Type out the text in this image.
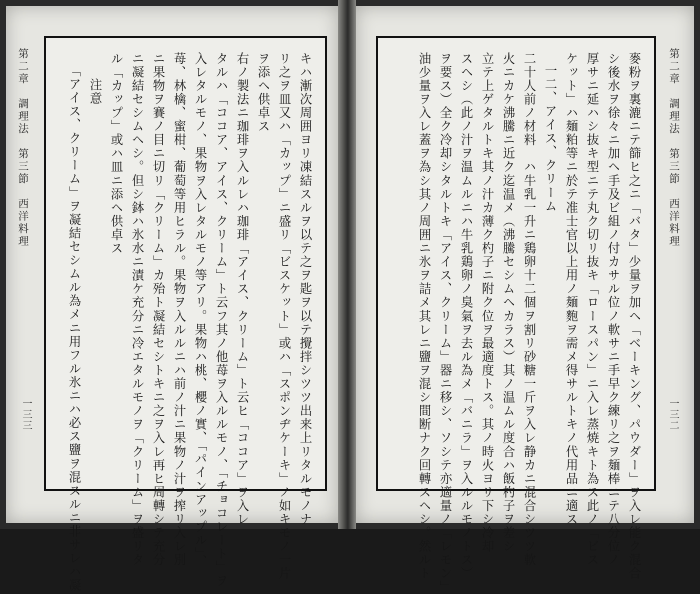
第二章　調理法　第三節　西洋料理	キハ漸次周囲ヨリ凍結スルヲ以テ之ヲ匙ヲ以テ攪拌シツツ出来上リタルモノナ
リ之ヲ皿又ハ「カップ」ニ盛リ「ビスケット」或ハ「スポンヂケーキ」ノ如キモノ一片
ヲ添ヘ供卓ス
右ノ製法ニ珈琲ヲ入ルレハ珈琲「アイス、クリーム」ト云ヒ「ココア」ヲ入レ
タルハ「ココア、アイス、クリーム」ト云フ其ノ他苺ヲ入ルルモノ、「チョコレート」ヲ
入レタルモノ、果物ヲ入レタルモノ等アリ。果物ハ桃、櫻ノ實、「パインアップル」、
苺、林檎、蜜柑、葡萄等用ヒラル。果物ヲ入ルルニハ前ノ汁ニ果物ノ汁ヲ搾リ入レ別
ニ果物ヲ賽ノ目ニ切リ「クリーム」カ殆ト凝結セシトキニ之ヲ入レ再ヒ周轉シテ充分
ニ凝結セシムヘシ。但シ鉢ハ氷水ニ漬ケ充分ニ冷エタルモノヲ「クリーム」ヲ盛リタ
ル「カップ」或ハ皿ニ添ヘ供卓ス
注意
「アイス、クリーム」ヲ凝結セシムル為メニ用フル氷ニハ必ス鹽ヲ混スルニ非サレハ凝
一三三
第二章　調理法　第三節　西洋料理
麥粉ヲ裏漉ニテ篩ヒ之ニ「バタ」少量ヲ加ヘ「ベーキング、パウダー」ヲ入レ能ク混合
シ後水ヲ徐々ニ加ヘ手及ビ組ノ付カサル位ノ軟サニ手早ク練リ之ヲ麺棒ニテ八分位ノ
厚サニ延ハシ抜キ型ニテ丸ク切リ抜キ「ロースパン」ニ入レ蒸焼キト為ス此ノ「ビス
ケット」ハ麺粕等ニ於テ准士官以上用ノ麺麭ヲ需メ得サルトキノ代用品ニ適ス
一二、アイス、クリーム
二十人前ノ材料　ハ牛乳一升ニ鶏卵十二個ヲ割リ砂糖一斤ヲ入レ静カニ混合シツツ軟
火ニカケ沸騰ニ近ク迄温メ（沸騰セシムヘカラス）其ノ温ムル度合ハ飯杓子ヲ差シ
立テ上ゲタルトキ其ノ汁カ薄ク杓子ニ附ク位ヲ最適度トス。其ノ時火ヨリ下シ冷却
スヘシ（此ノ汁ヲ温ムルニハ牛乳鶏卵ノ臭氣ヲ去ル為メ「バニラ」ヲ入ルルモノトス）
ヲ要ス）全ク冷却シタルトキ「アイス、クリーム」器ニ移シ、ソシテ亦適量ノ「レモン」
油少量ヲ入レ蓋ヲ為シ其ノ周囲ニ氷ヲ詰メ其レニ鹽ヲ混シ間断ナク回轉スヘシ。然ルト	一三二
